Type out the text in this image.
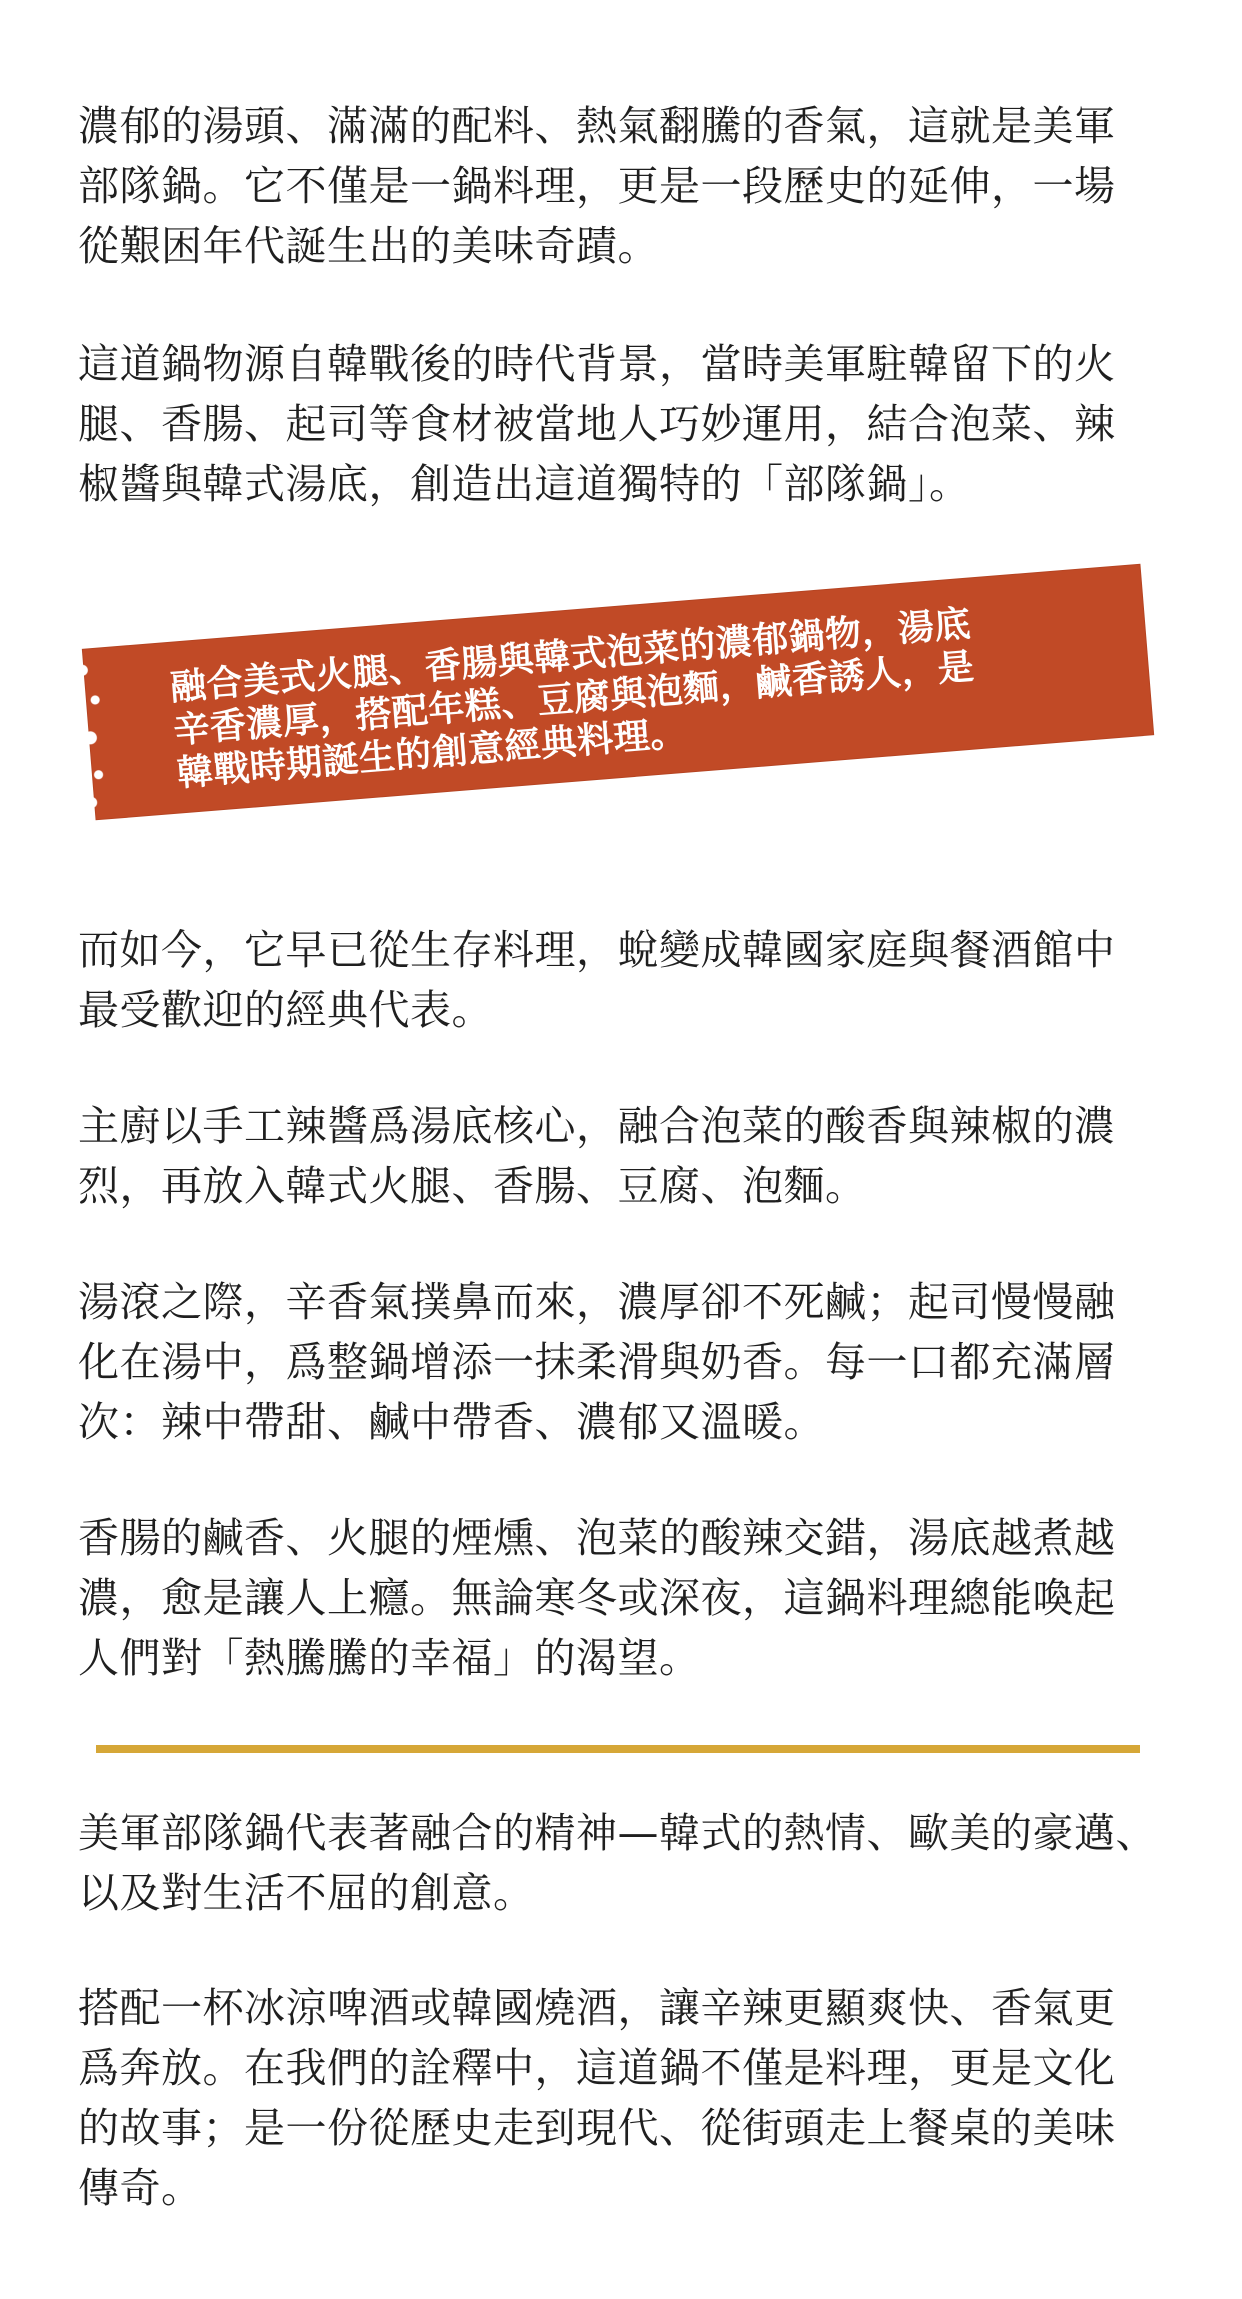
濃郁的湯頭、滿滿的配料、熱氣翻騰的香氣，這就是美軍
部隊鍋。它不僅是一鍋料理，更是一段歷史的延伸，一場
從艱困年代誕生出的美味奇蹟。

這道鍋物源自韓戰後的時代背景，當時美軍駐韓留下的火
腿、香腸、起司等食材被當地人巧妙運用，結合泡菜、辣
椒醬與韓式湯底，創造出這道獨特的「部隊鍋」。

融合美式火腿、香腸與韓式泡菜的濃郁鍋物，湯底
辛香濃厚，搭配年糕、豆腐與泡麵，鹹香誘人，是
韓戰時期誕生的創意經典料理。

而如今，它早已從生存料理，蛻變成韓國家庭與餐酒館中
最受歡迎的經典代表。

主廚以手工辣醬爲湯底核心，融合泡菜的酸香與辣椒的濃
烈，再放入韓式火腿、香腸、豆腐、泡麵。

湯滾之際，辛香氣撲鼻而來，濃厚卻不死鹹；起司慢慢融
化在湯中，爲整鍋增添一抹柔滑與奶香。每一口都充滿層
次：辣中帶甜、鹹中帶香、濃郁又溫暖。

香腸的鹹香、火腿的煙燻、泡菜的酸辣交錯，湯底越煮越
濃，愈是讓人上癮。無論寒冬或深夜，這鍋料理總能喚起
人們對「熱騰騰的幸福」的渴望。

美軍部隊鍋代表著融合的精神—韓式的熱情、歐美的豪邁、
以及對生活不屈的創意。

搭配一杯冰涼啤酒或韓國燒酒，讓辛辣更顯爽快、香氣更
爲奔放。在我們的詮釋中，這道鍋不僅是料理，更是文化
的故事；是一份從歷史走到現代、從街頭走上餐桌的美味
傳奇。
